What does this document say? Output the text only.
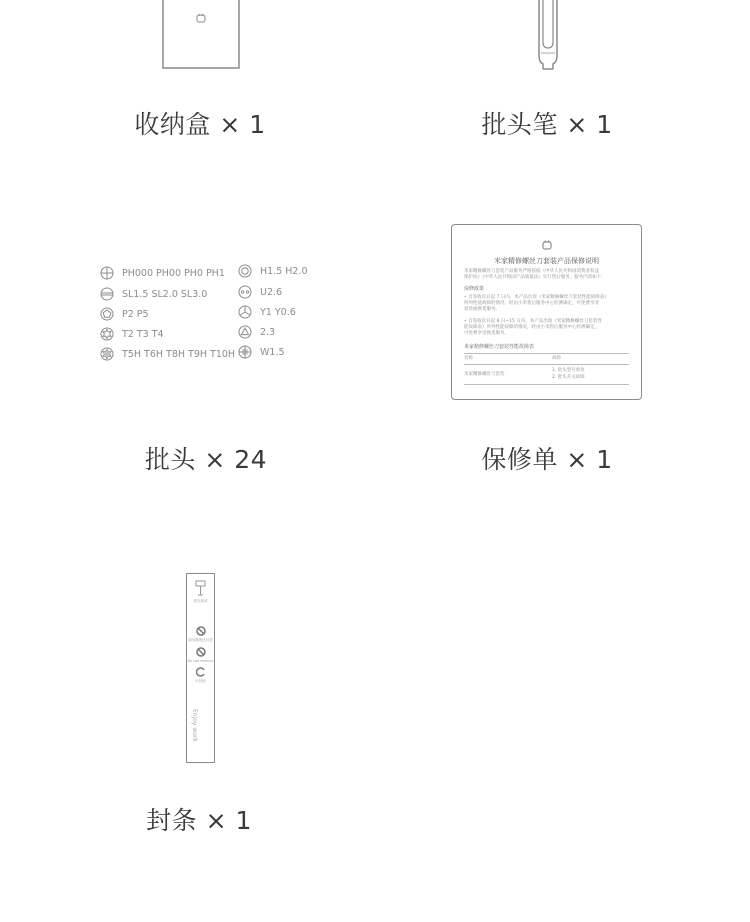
收纳盒 × 1	批头笔 × 1
PH000 PH00 PH0 PH1
SL1.5 SL2.0 SL3.0
P2 P5
T2 T3 T4
T5H T6H T8H T9H T10H
H1.5 H2.0
U2.6
Y1 Y0.6
2.3
W1.5
批头 × 24
米家精修螺丝刀套装产品保修说明
米家精修螺丝刀套装产品服务严格依据《中华人民共和国消费者权益
保护法》《中华人民共和国产品质量法》实行售后服务，服务内容如下：
保修政策
• 自签收次日起 7 日内，本产品出现《米家精修螺丝刀套装性能故障表》
所列性能故障的情况，经由小米售后服务中心检测确定，可免费享受
退货或换货服务。
• 自签收次日起 8 日~15 日内，本产品出现《米家精修螺丝刀套装性
能故障表》所列性能故障的情况，经由小米售后服务中心检测确定，
可免费享受换货服务。
米家精修螺丝刀套装性能故障表
名称	故障
米家精修螺丝刀套装
1. 批头型号重复
2. 批头开关故障
保修单 × 1
请先阅读
请勿撕毁此封条
Do not remove
可回收
Enjoy work
封条 × 1
